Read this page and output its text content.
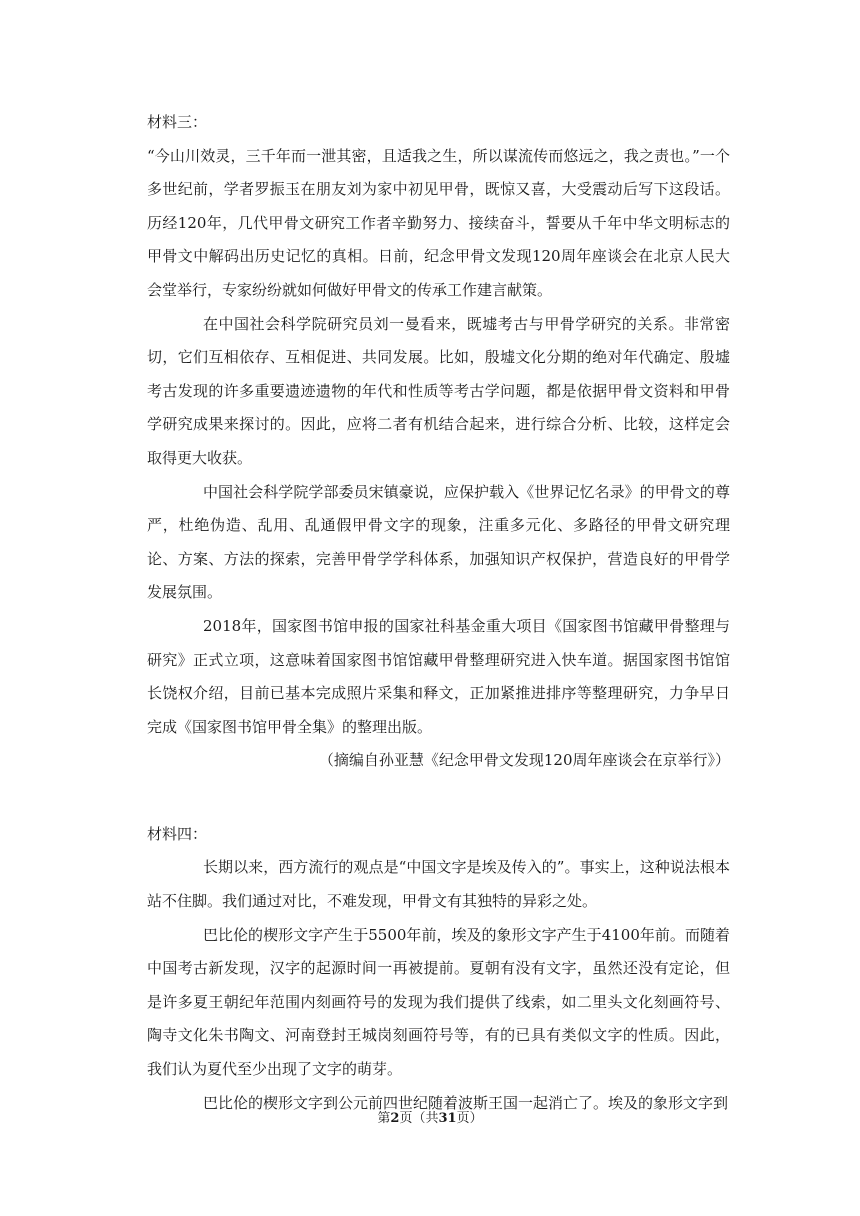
材料三：

“今山川效灵，三千年而一泄其密，且适我之生，所以谋流传而悠远之，我之责也。”一个多世纪前，学者罗振玉在朋友刘为家中初见甲骨，既惊又喜，大受震动后写下这段话。历经120年，几代甲骨文研究工作者辛勤努力、接续奋斗，誓要从千年中华文明标志的甲骨文中解码出历史记忆的真相。日前，纪念甲骨文发现120周年座谈会在北京人民大会堂举行，专家纷纷就如何做好甲骨文的传承工作建言献策。

在中国社会科学院研究员刘一曼看来，既墟考古与甲骨学研究的关系。非常密切，它们互相依存、互相促进、共同发展。比如，殷墟文化分期的绝对年代确定、殷墟考古发现的许多重要遗迹遗物的年代和性质等考古学问题，都是依据甲骨文资料和甲骨学研究成果来探讨的。因此，应将二者有机结合起来，进行综合分析、比较，这样定会取得更大收获。

中国社会科学院学部委员宋镇豪说，应保护载入《世界记忆名录》的甲骨文的尊严，杜绝伪造、乱用、乱通假甲骨文字的现象，注重多元化、多路径的甲骨文研究理论、方案、方法的探索，完善甲骨学学科体系，加强知识产权保护，营造良好的甲骨学发展氛围。

2018年，国家图书馆申报的国家社科基金重大项目《国家图书馆藏甲骨整理与研究》正式立项，这意味着国家图书馆馆藏甲骨整理研究进入快车道。据国家图书馆馆长饶权介绍，目前已基本完成照片采集和释文，正加紧推进排序等整理研究，力争早日完成《国家图书馆甲骨全集》的整理出版。

（摘编自孙亚慧《纪念甲骨文发现120周年座谈会在京举行》）

材料四：

长期以来，西方流行的观点是“中国文字是埃及传入的”。事实上，这种说法根本站不住脚。我们通过对比，不难发现，甲骨文有其独特的异彩之处。

巴比伦的楔形文字产生于5500年前，埃及的象形文字产生于4100年前。而随着中国考古新发现，汉字的起源时间一再被提前。夏朝有没有文字，虽然还没有定论，但是许多夏王朝纪年范围内刻画符号的发现为我们提供了线索，如二里头文化刻画符号、陶寺文化朱书陶文、河南登封王城岗刻画符号等，有的已具有类似文字的性质。因此，我们认为夏代至少出现了文字的萌芽。

巴比伦的楔形文字到公元前四世纪随着波斯王国一起消亡了。埃及的象形文字到

第2页（共31页）
